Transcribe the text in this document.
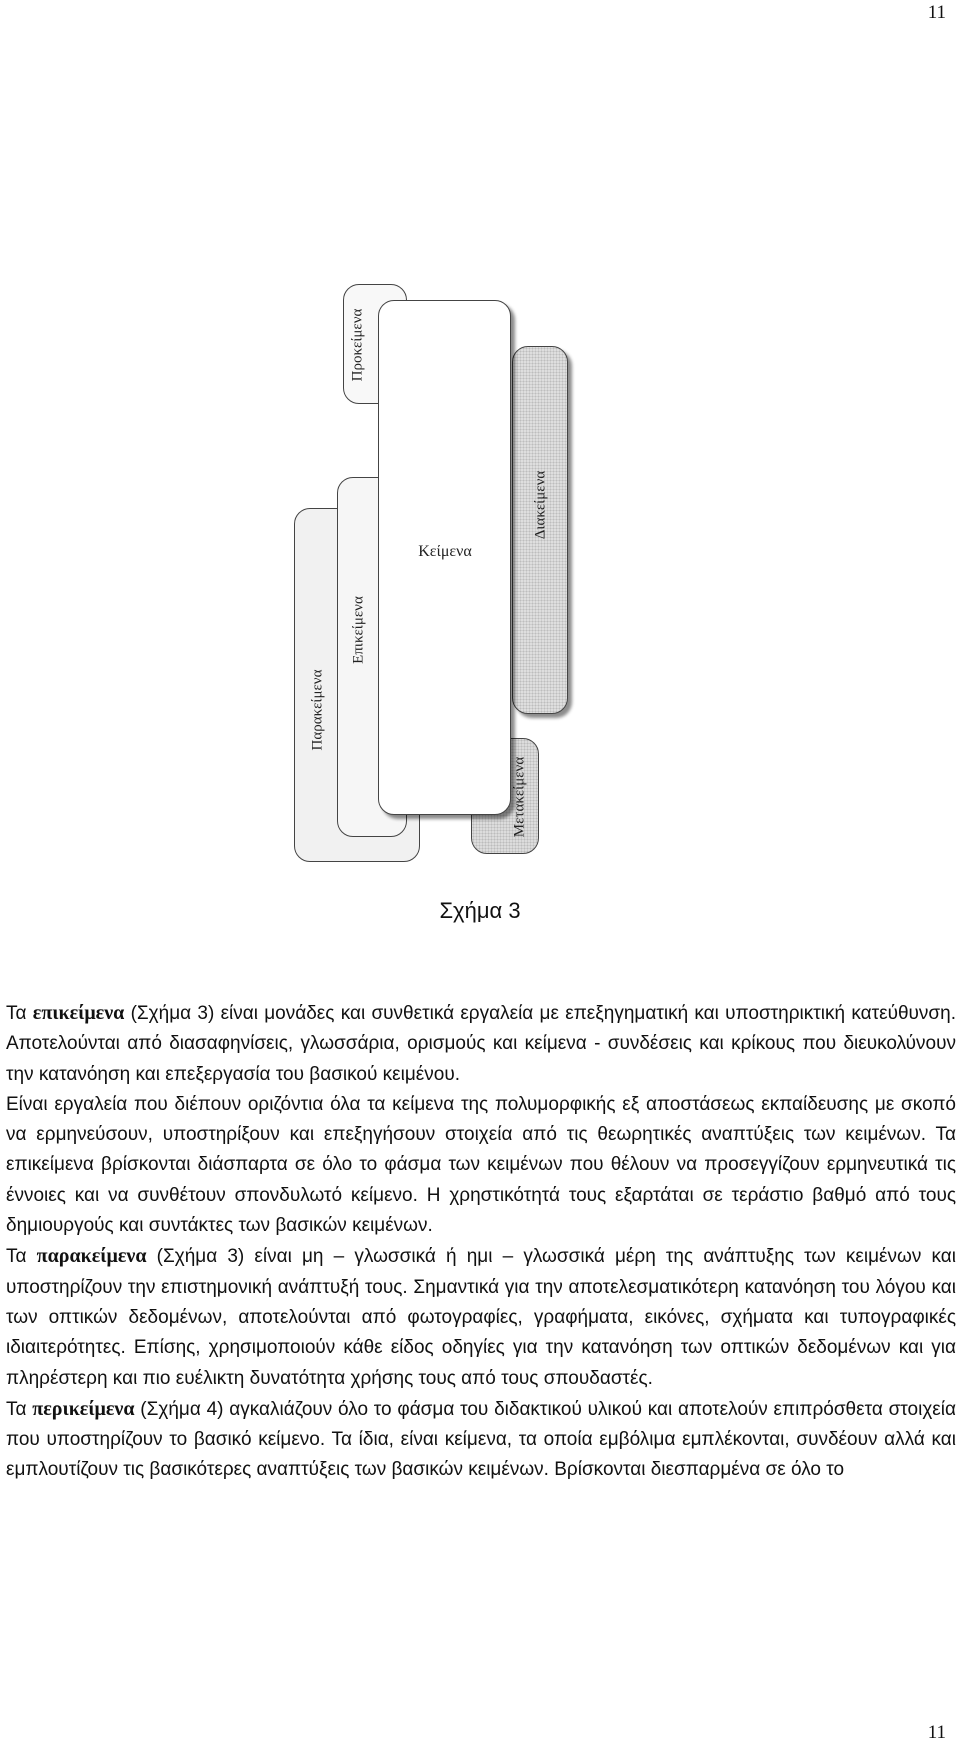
11
Παρακείμενα
Επικείμενα
Προκείμενα
Διακείμενα
Μετακείμενα
Κείμενα
Σχήμα 3

Τα επικείμενα (Σχήμα 3) είναι μονάδες και συνθετικά εργαλεία με επεξηγηματική και υποστηρικτική κατεύθυνση. Αποτελούνται από διασαφηνίσεις, γλωσσάρια, ορισμούς και κείμενα - συνδέσεις και κρίκους που διευκολύνουν την κατανόηση και επεξεργασία του βασικού κειμένου.

Είναι εργαλεία που διέπουν οριζόντια όλα τα κείμενα της πολυμορφικής εξ αποστάσεως εκπαίδευσης με σκοπό να ερμηνεύσουν, υποστηρίξουν και επεξηγήσουν στοιχεία από τις θεωρητικές αναπτύξεις των κειμένων. Τα επικείμενα βρίσκονται διάσπαρτα σε όλο το φάσμα των κειμένων που θέλουν να προσεγγίζουν ερμηνευτικά τις έννοιες και να συνθέτουν σπονδυλωτό κείμενο. Η χρηστικότητά τους εξαρτάται σε τεράστιο βαθμό από τους δημιουργούς και συντάκτες των βασικών κειμένων.

Τα παρακείμενα (Σχήμα 3) είναι μη – γλωσσικά ή ημι – γλωσσικά μέρη της ανάπτυξης των κειμένων και υποστηρίζουν την επιστημονική ανάπτυξή τους. Σημαντικά για την αποτελεσματικότερη κατανόηση του λόγου και των οπτικών δεδομένων, αποτελούνται από φωτογραφίες, γραφήματα, εικόνες, σχήματα και τυπογραφικές ιδιαιτερότητες. Επίσης, χρησιμοποιούν κάθε είδος οδηγίες για την κατανόηση των οπτικών δεδομένων και για πληρέστερη και πιο ευέλικτη δυνατότητα χρήσης τους από τους σπουδαστές.

Τα περικείμενα (Σχήμα 4) αγκαλιάζουν όλο το φάσμα του διδακτικού υλικού και αποτελούν επιπρόσθετα στοιχεία που υποστηρίζουν το βασικό κείμενο. Τα ίδια, είναι κείμενα, τα οποία εμβόλιμα εμπλέκονται, συνδέουν αλλά και εμπλουτίζουν τις βασικότερες αναπτύξεις των βασικών κειμένων. Βρίσκονται διεσπαρμένα σε όλο το

11
